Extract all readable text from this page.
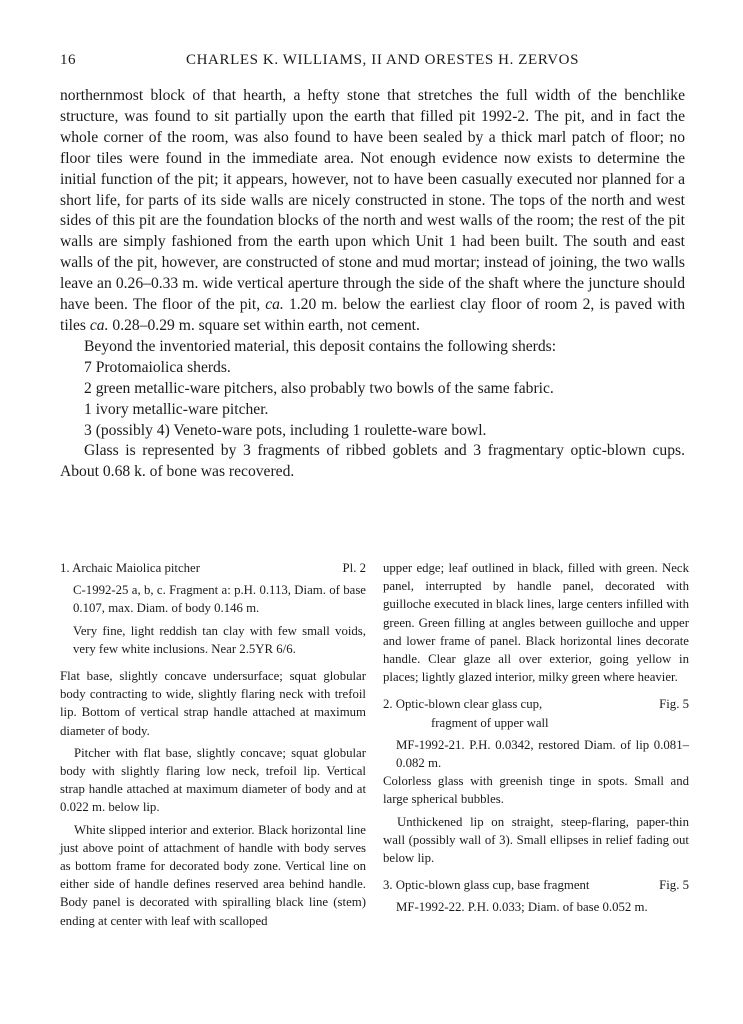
16	CHARLES K. WILLIAMS, II AND ORESTES H. ZERVOS

northernmost block of that hearth, a hefty stone that stretches the full width of the benchlike structure, was found to sit partially upon the earth that filled pit 1992-2. The pit, and in fact the whole corner of the room, was also found to have been sealed by a thick marl patch of floor; no floor tiles were found in the immediate area. Not enough evidence now exists to determine the initial function of the pit; it appears, however, not to have been casually executed nor planned for a short life, for parts of its side walls are nicely constructed in stone. The tops of the north and west sides of this pit are the foundation blocks of the north and west walls of the room; the rest of the pit walls are simply fashioned from the earth upon which Unit 1 had been built. The south and east walls of the pit, however, are constructed of stone and mud mortar; instead of joining, the two walls leave an 0.26–0.33 m. wide vertical aperture through the side of the shaft where the juncture should have been. The floor of the pit, ca. 1.20 m. below the earliest clay floor of room 2, is paved with tiles ca. 0.28–0.29 m. square set within earth, not cement.

Beyond the inventoried material, this deposit contains the following sherds:

7 Protomaiolica sherds.

2 green metallic-ware pitchers, also probably two bowls of the same fabric.

1 ivory metallic-ware pitcher.

3 (possibly 4) Veneto-ware pots, including 1 roulette-ware bowl.

Glass is represented by 3 fragments of ribbed goblets and 3 fragmentary optic-blown cups. About 0.68 k. of bone was recovered.

1. Archaic Maiolica pitcher	Pl. 2

C-1992-25 a, b, c. Fragment a: p.H. 0.113, Diam. of base 0.107, max. Diam. of body 0.146 m.

Very fine, light reddish tan clay with few small voids, very few white inclusions. Near 2.5YR 6/6.

Flat base, slightly concave undersurface; squat globular body contracting to wide, slightly flaring neck with trefoil lip. Bottom of vertical strap handle attached at maximum diameter of body.

Pitcher with flat base, slightly concave; squat globular body with slightly flaring low neck, trefoil lip. Vertical strap handle attached at maximum diameter of body and at 0.022 m. below lip.

White slipped interior and exterior. Black horizontal line just above point of attachment of handle with body serves as bottom frame for decorated body zone. Vertical line on either side of handle defines reserved area behind handle. Body panel is decorated with spiralling black line (stem) ending at center with leaf with scalloped

upper edge; leaf outlined in black, filled with green. Neck panel, interrupted by handle panel, decorated with guilloche executed in black lines, large centers infilled with green. Green filling at angles between guilloche and upper and lower frame of panel. Black horizontal lines decorate handle. Clear glaze all over exterior, going yellow in places; lightly glazed interior, milky green where heavier.

2. Optic-blown clear glass cup,	Fig. 5

fragment of upper wall

MF-1992-21. P.H. 0.0342, restored Diam. of lip 0.081–0.082 m.

Colorless glass with greenish tinge in spots. Small and large spherical bubbles.

Unthickened lip on straight, steep-flaring, paper-thin wall (possibly wall of 3). Small ellipses in relief fading out below lip.

3. Optic-blown glass cup, base fragment	Fig. 5

MF-1992-22. P.H. 0.033; Diam. of base 0.052 m.
